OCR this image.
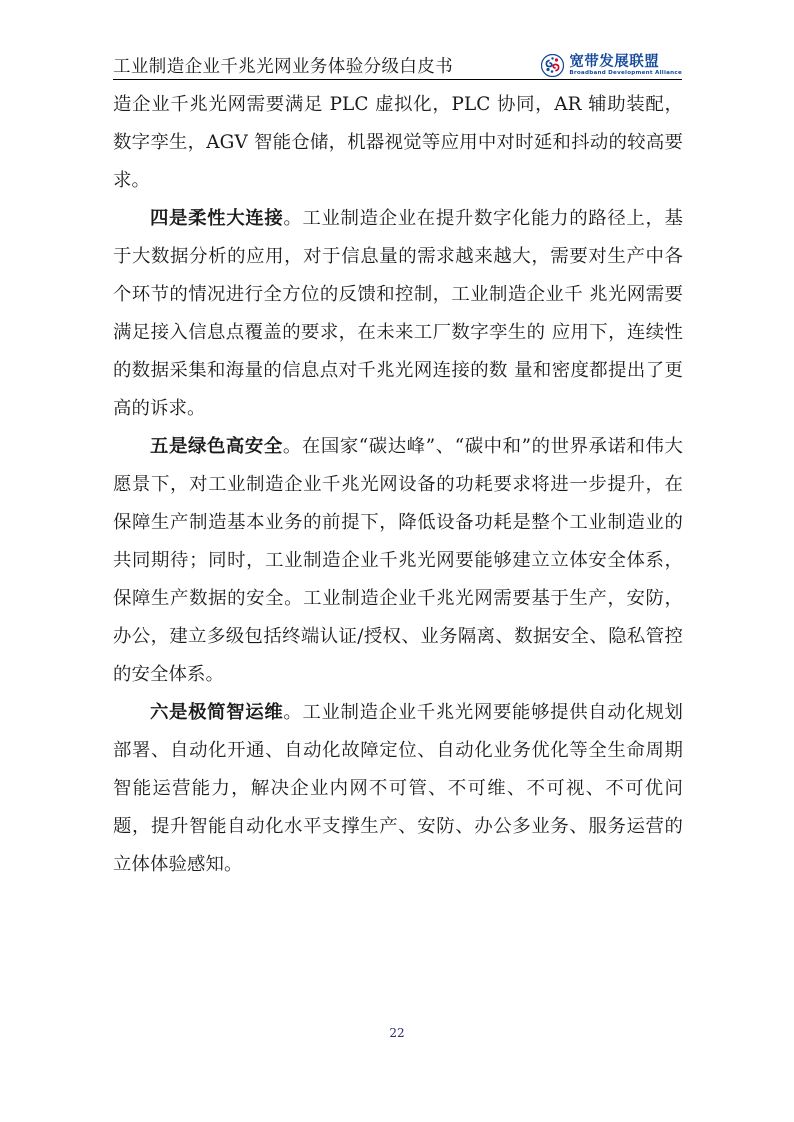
工业制造企业千兆光网业务体验分级白皮书	宽带发展联盟
Broadband Development Alliance

造企业千兆光网需要满足 PLC 虚拟化，PLC 协同，AR 辅助装配，数字孪生，AGV 智能仓储，机器视觉等应用中对时延和抖动的较高要求。

四是柔性大连接。工业制造企业在提升数字化能力的路径上，基于大数据分析的应用，对于信息量的需求越来越大，需要对生产中各个环节的情况进行全方位的反馈和控制，工业制造企业千 兆光网需要满足接入信息点覆盖的要求，在未来工厂数字孪生的 应用下，连续性的数据采集和海量的信息点对千兆光网连接的数 量和密度都提出了更高的诉求。

五是绿色高安全。在国家“碳达峰”、“碳中和”的世界承诺和伟大愿景下，对工业制造企业千兆光网设备的功耗要求将进一步提升，在保障生产制造基本业务的前提下，降低设备功耗是整个工业制造业的共同期待；同时，工业制造企业千兆光网要能够建立立体安全体系，保障生产数据的安全。工业制造企业千兆光网需要基于生产，安防，办公，建立多级包括终端认证/授权、业务隔离、数据安全、隐私管控的安全体系。

六是极简智运维。工业制造企业千兆光网要能够提供自动化规划部署、自动化开通、自动化故障定位、自动化业务优化等全生命周期智能运营能力，解决企业内网不可管、不可维、不可视、不可优问题，提升智能自动化水平支撑生产、安防、办公多业务、服务运营的立体体验感知。

22
